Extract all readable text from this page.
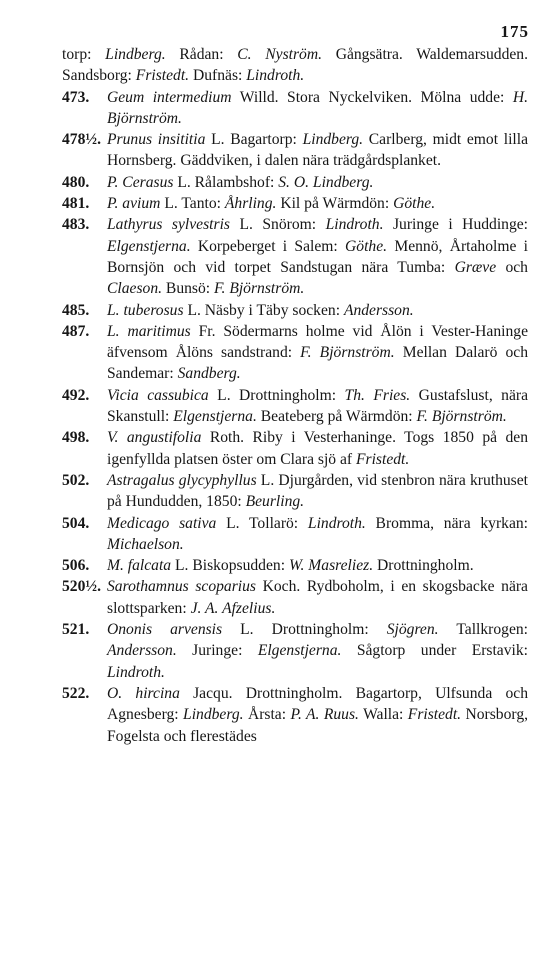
175
torp: Lindberg. Rådan: C. Nyström. Gångsätra. Waldemarsudden. Sandsborg: Fristedt. Dufnäs: Lindroth.
473. Geum intermedium Willd. Stora Nyckelviken. Mölna udde: H. Björnström.
478½. Prunus insititia L. Bagartorp: Lindberg. Carlberg, midt emot lilla Hornsberg. Gäddviken, i dalen nära trädgårdsplanket.
480. P. Cerasus L. Rålambshof: S. O. Lindberg.
481. P. avium L. Tanto: Åhrling. Kil på Wärmdön: Göthe.
483. Lathyrus sylvestris L. Snörom: Lindroth. Juringe i Huddinge: Elgenstjerna. Korpeberget i Salem: Göthe. Mennö, Årtaholme i Bornsjön och vid torpet Sandstugan nära Tumba: Græve och Claeson. Bunsö: F. Björnström.
485. L. tuberosus L. Näsby i Täby socken: Andersson.
487. L. maritimus Fr. Södermarns holme vid Ålön i Vester-Haninge äfvensom Ålöns sandstrand: F. Björnström. Mellan Dalarö och Sandemar: Sandberg.
492. Vicia cassubica L. Drottningholm: Th. Fries. Gustafslust, nära Skanstull: Elgenstjerna. Beateberg på Wärmdön: F. Björnström.
498. V. angustifolia Roth. Riby i Vesterhaninge. Togs 1850 på den igenfyllda platsen öster om Clara sjö af Fristedt.
502. Astragalus glycyphyllus L. Djurgården, vid stenbron nära kruthuset på Hundudden, 1850: Beurling.
504. Medicago sativa L. Tollarö: Lindroth. Bromma, nära kyrkan: Michaelson.
506. M. falcata L. Biskopsudden: W. Masreliez. Drottningholm.
520½. Sarothamnus scoparius Koch. Rydboholm, i en skogsbacke nära slottsparken: J. A. Afzelius.
521. Ononis arvensis L. Drottningholm: Sjögren. Tallkrogen: Andersson. Juringe: Elgenstjerna. Sågtorp under Erstavik: Lindroth.
522. O. hircina Jacqu. Drottningholm. Bagartorp, Ulfsunda och Agnesberg: Lindberg. Årsta: P. A. Ruus. Walla: Fristedt. Norsborg, Fogelsta och flerestädes
